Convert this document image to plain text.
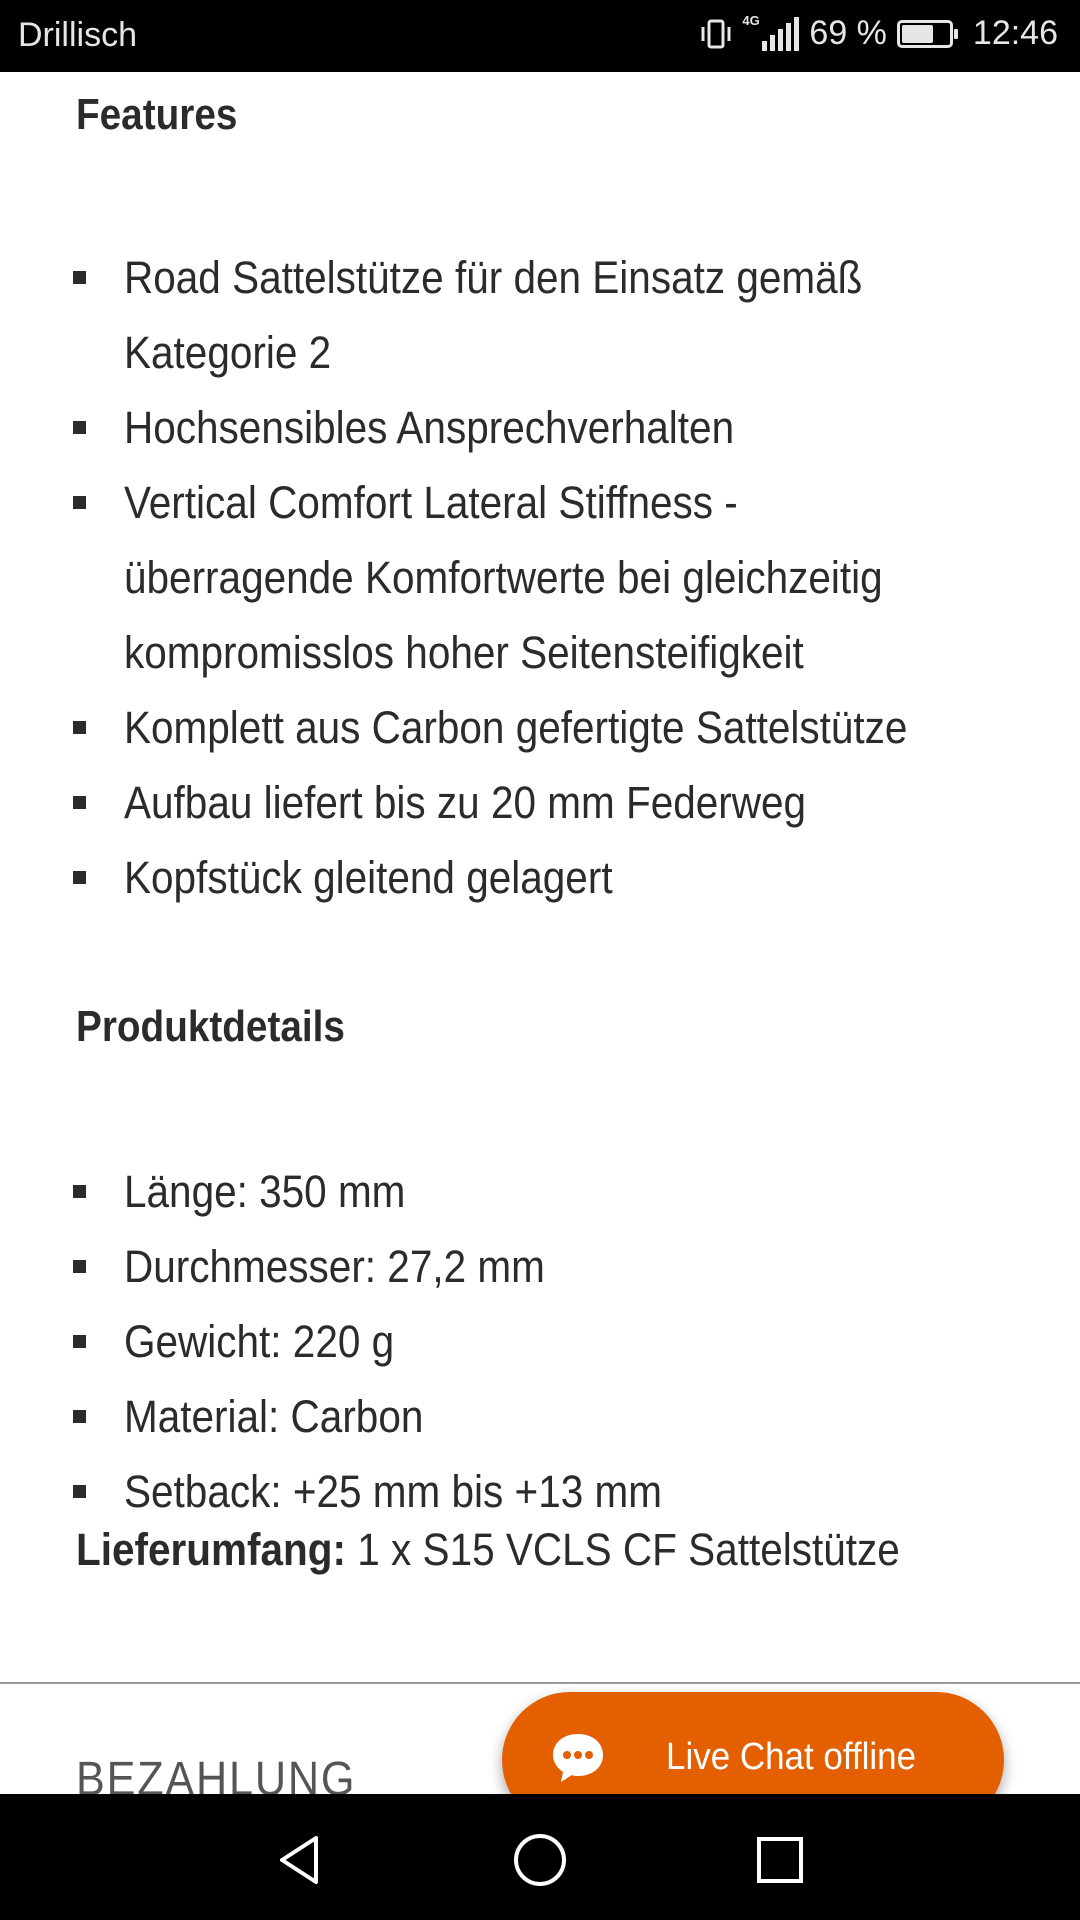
Drillisch	4G 69 %	12:46
Features
Road Sattelstütze für den Einsatz gemäß Kategorie 2
Hochsensibles Ansprechverhalten
Vertical Comfort Lateral Stiffness - überragende Komfortwerte bei gleichzeitig kompromisslos hoher Seitensteifigkeit
Komplett aus Carbon gefertigte Sattelstütze
Aufbau liefert bis zu 20 mm Federweg
Kopfstück gleitend gelagert
Produktdetails
Länge: 350 mm
Durchmesser: 27,2 mm
Gewicht: 220 g
Material: Carbon
Setback: +25 mm bis +13 mm
Lieferumfang: 1 x S15 VCLS CF Sattelstütze
BEZAHLUNG	Live Chat offline
